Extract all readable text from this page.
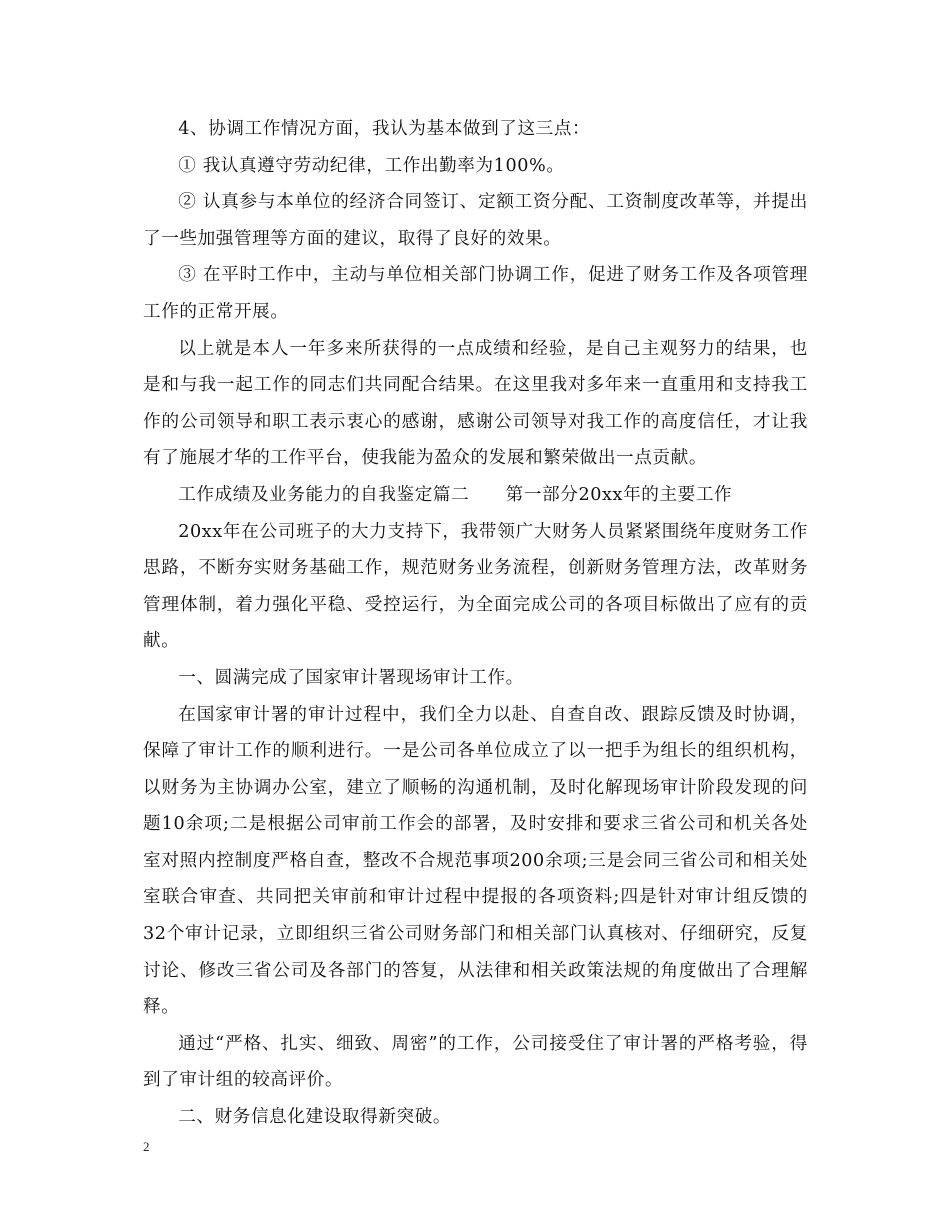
4、协调工作情况方面，我认为基本做到了这三点：

① 我认真遵守劳动纪律，工作出勤率为100%。

② 认真参与本单位的经济合同签订、定额工资分配、工资制度改革等，并提出了一些加强管理等方面的建议，取得了良好的效果。

③ 在平时工作中，主动与单位相关部门协调工作，促进了财务工作及各项管理工作的正常开展。

以上就是本人一年多来所获得的一点成绩和经验，是自己主观努力的结果，也是和与我一起工作的同志们共同配合结果。在这里我对多年来一直重用和支持我工作的公司领导和职工表示衷心的感谢，感谢公司领导对我工作的高度信任，才让我有了施展才华的工作平台，使我能为盈众的发展和繁荣做出一点贡献。

工作成绩及业务能力的自我鉴定篇二　　第一部分20xx年的主要工作

20xx年在公司班子的大力支持下，我带领广大财务人员紧紧围绕年度财务工作思路，不断夯实财务基础工作，规范财务业务流程，创新财务管理方法，改革财务管理体制，着力强化平稳、受控运行，为全面完成公司的各项目标做出了应有的贡献。

一、圆满完成了国家审计署现场审计工作。

在国家审计署的审计过程中，我们全力以赴、自查自改、跟踪反馈及时协调，保障了审计工作的顺利进行。一是公司各单位成立了以一把手为组长的组织机构，以财务为主协调办公室，建立了顺畅的沟通机制，及时化解现场审计阶段发现的问题10余项;二是根据公司审前工作会的部署，及时安排和要求三省公司和机关各处室对照内控制度严格自查，整改不合规范事项200余项;三是会同三省公司和相关处室联合审查、共同把关审前和审计过程中提报的各项资料;四是针对审计组反馈的32个审计记录，立即组织三省公司财务部门和相关部门认真核对、仔细研究，反复讨论、修改三省公司及各部门的答复，从法律和相关政策法规的角度做出了合理解释。

通过“严格、扎实、细致、周密”的工作，公司接受住了审计署的严格考验，得到了审计组的较高评价。

二、财务信息化建设取得新突破。

2
